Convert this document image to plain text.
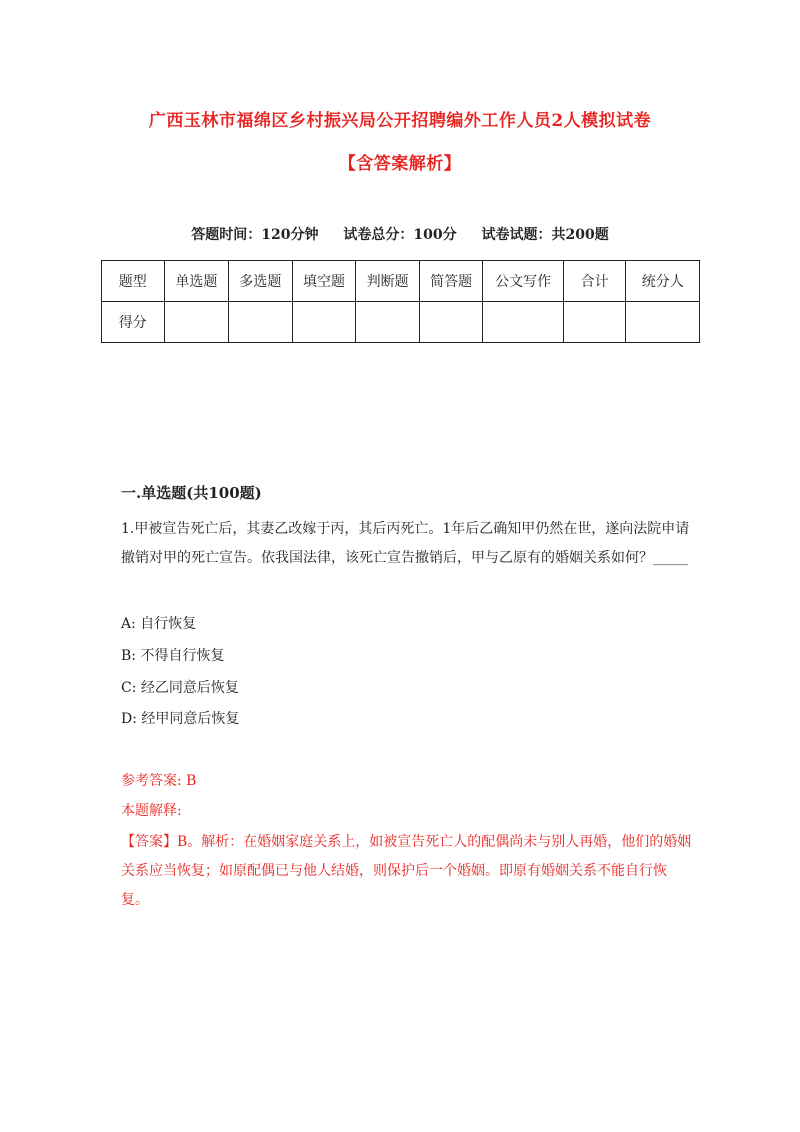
广西玉林市福绵区乡村振兴局公开招聘编外工作人员2人模拟试卷
【含答案解析】
答题时间：120分钟 试卷总分：100分 试卷试题：共200题
题型	单选题	多选题	填空题	判断题	简答题	公文写作	合计	统分人
得分								
一.单选题(共100题)
1.甲被宣告死亡后，其妻乙改嫁于丙，其后丙死亡。1年后乙确知甲仍然在世，遂向法院申请撤销对甲的死亡宣告。依我国法律，该死亡宣告撤销后，甲与乙原有的婚姻关系如何？_____
A: 自行恢复
B: 不得自行恢复
C: 经乙同意后恢复
D: 经甲同意后恢复
参考答案: B
本题解释:
【答案】B。解析：在婚姻家庭关系上，如被宣告死亡人的配偶尚未与别人再婚，他们的婚姻关系应当恢复；如原配偶已与他人结婚，则保护后一个婚姻。即原有婚姻关系不能自行恢复。
